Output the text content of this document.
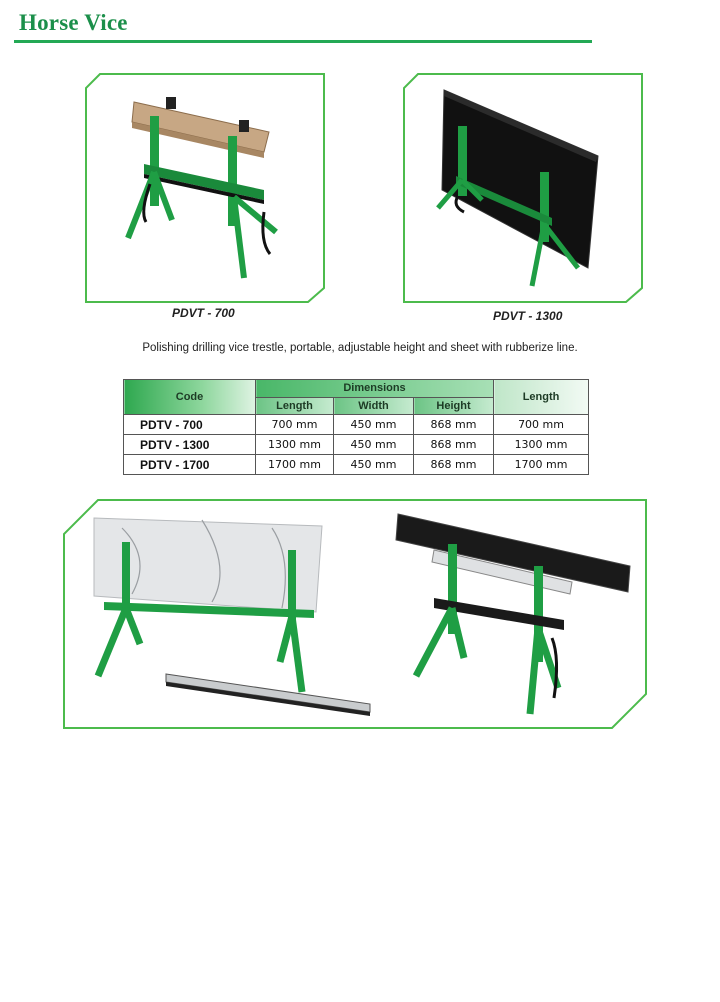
Horse Vice
PDVT - 700	PDVT - 1300
Polishing drilling vice trestle, portable, adjustable height and sheet with rubberize line.
Code	Dimensions			Length
	Length	Width	Height	
PDTV - 700	700 mm	450 mm	868 mm	700 mm
PDTV - 1300	1300 mm	450 mm	868 mm	1300 mm
PDTV - 1700	1700 mm	450 mm	868 mm	1700 mm
